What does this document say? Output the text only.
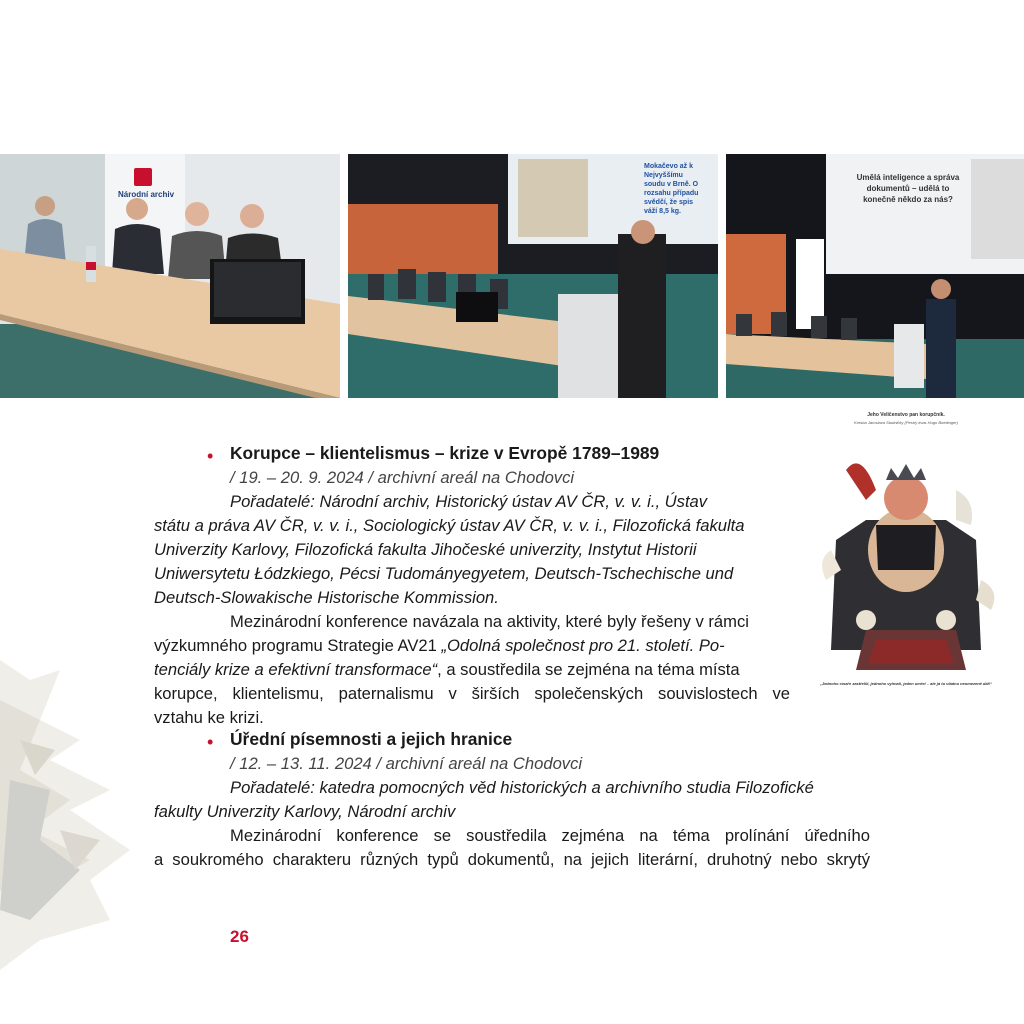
Národní archiv
Mokačevo až k
Nejvyššímu
soudu v Brně. O
rozsahu případu
svědčí, že spis
váží 8,5 kg.
Umělá inteligence a správa
dokumentů – udělá to
konečně někdo za nás?
Jeho Veličenstvo pan korupčník.
Kresba Jaroslava Studničky (Pestrý kvas Hugo Boettinger)
„Jednoho císaře zastřelili, jednoho vyhnali, jeden umřel – ale já tu vládnu neomezeně dál!“
• Korupce – klientelismus – krize v Evropě 1789–1989
/ 19. – 20. 9. 2024 / archivní areál na Chodovci
Pořadatelé: Národní archiv, Historický ústav AV ČR, v. v. i., Ústav
státu a práva AV ČR, v. v. i., Sociologický ústav AV ČR, v. v. i., Filozofická fakulta
Univerzity Karlovy, Filozofická fakulta Jihočeské univerzity, Instytut Historii
Uniwersytetu Łódzkiego, Pécsi Tudományegyetem, Deutsch-Tschechische und
Deutsch-Slowakische Historische Kommission.
Mezinárodní konference navázala na aktivity, které byly řešeny v rámci
výzkumného programu Strategie AV21 „Odolná společnost pro 21. století. Po-
tenciály krize a efektivní transformace“, a soustředila se zejména na téma místa
korupce, klientelismu, paternalismu v širších společenských souvislostech ve
vztahu ke krizi.
• Úřední písemnosti a jejich hranice
/ 12. – 13. 11. 2024 / archivní areál na Chodovci
Pořadatelé: katedra pomocných věd historických a archivního studia Filozofické
fakulty Univerzity Karlovy, Národní archiv
Mezinárodní konference se soustředila zejména na téma prolínání úředního
a soukromého charakteru různých typů dokumentů, na jejich literární, druhotný nebo skrytý
26
